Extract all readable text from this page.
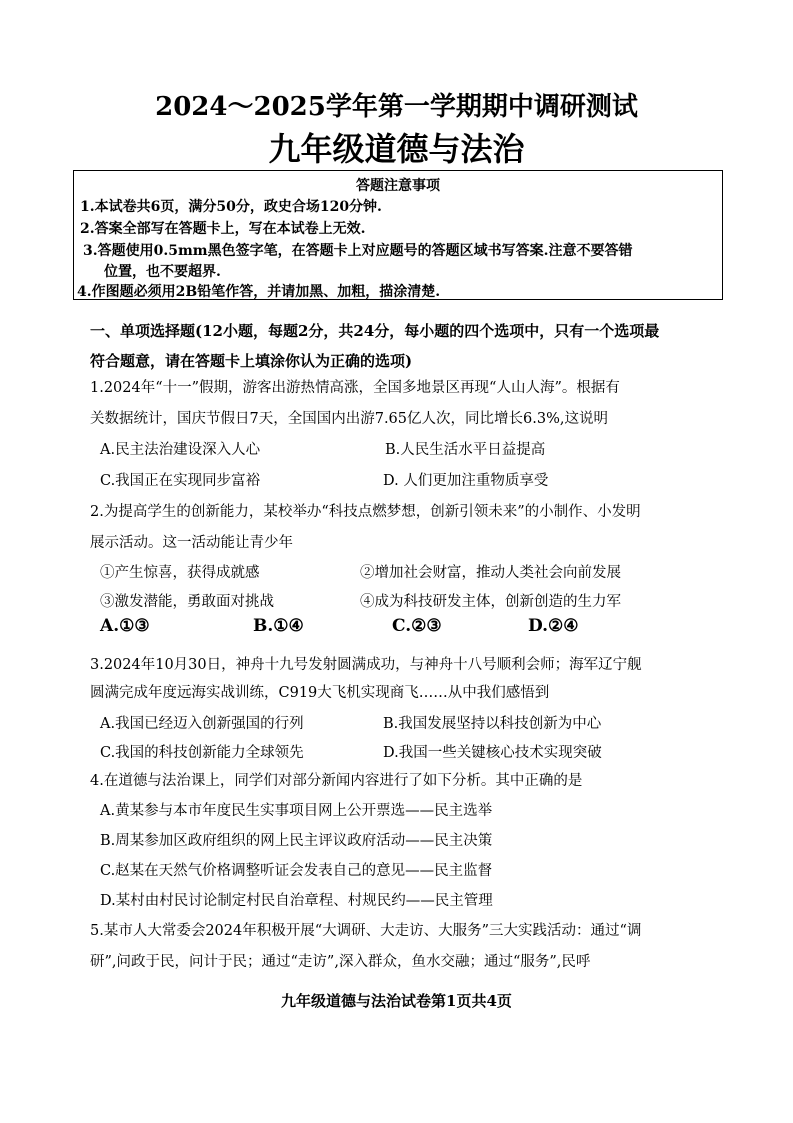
2024～2025学年第一学期期中调研测试
九年级道德与法治
答题注意事项
1.本试卷共6页，满分50分，政史合场120分钟.
2.答案全部写在答题卡上，写在本试卷上无效.
3.答题使用0.5mm黑色签字笔，在答题卡上对应题号的答题区域书写答案.注意不要答错
位置，也不要超界.
4.作图题必须用2B铅笔作答，并请加黑、加粗，描涂清楚.
一、单项选择题(12小题，每题2分，共24分，每小题的四个选项中，只有一个选项最
符合题意，请在答题卡上填涂你认为正确的选项)
1.2024年“十一”假期，游客出游热情高涨，全国多地景区再现“人山人海”。根据有
关数据统计，国庆节假日7天，全国国内出游7.65亿人次，同比增长6.3%,这说明
A.民主法治建设深入人心	B.人民生活水平日益提高
C.我国正在实现同步富裕	D. 人们更加注重物质享受
2.为提高学生的创新能力，某校举办“科技点燃梦想，创新引领未来”的小制作、小发明
展示活动。这一活动能让青少年
①产生惊喜，获得成就感	②增加社会财富，推动人类社会向前发展
③激发潜能，勇敢面对挑战	④成为科技研发主体，创新创造的生力军
A.①③	B.①④	C.②③	D.②④
3.2024年10月30日，神舟十九号发射圆满成功，与神舟十八号顺利会师；海军辽宁舰
圆满完成年度远海实战训练，C919大飞机实现商飞……从中我们感悟到
A.我国已经迈入创新强国的行列	B.我国发展坚持以科技创新为中心
C.我国的科技创新能力全球领先	D.我国一些关键核心技术实现突破
4.在道德与法治课上，同学们对部分新闻内容进行了如下分析。其中正确的是
A.黄某参与本市年度民生实事项目网上公开票选——民主选举
B.周某参加区政府组织的网上民主评议政府活动——民主决策
C.赵某在天然气价格调整听证会发表自己的意见——民主监督
D.某村由村民讨论制定村民自治章程、村规民约——民主管理
5.某市人大常委会2024年积极开展“大调研、大走访、大服务”三大实践活动：通过“调
研”,问政于民，问计于民；通过“走访”,深入群众，鱼水交融；通过“服务”,民呼
九年级道德与法治试卷第1页共4页
